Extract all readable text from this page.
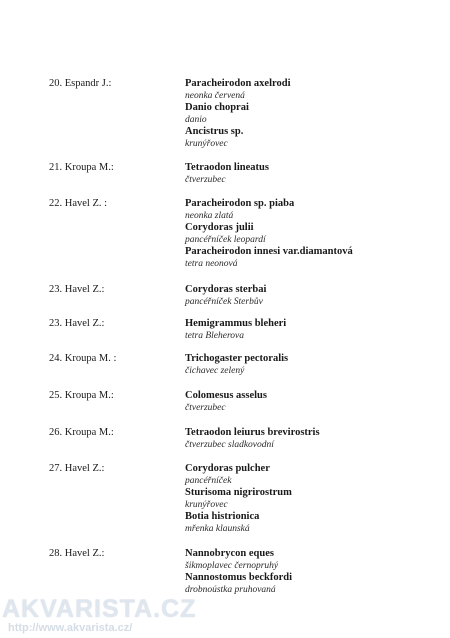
20. Espandr J.:	Paracheirodon axelrodi
neonka červená
Danio choprai
danio
Ancistrus sp.
krunýřovec
21. Kroupa M.:	Tetraodon lineatus
čtverzubec
22. Havel Z. :	Paracheirodon sp. piaba
neonka zlatá
Corydoras julii
pancéřníček leopardí
Paracheirodon innesi var.diamantová
tetra neonová
23. Havel Z.:	Corydoras sterbai
pancéřníček Sterbův
23. Havel Z.:	Hemigrammus bleheri
tetra Bleherova
24. Kroupa M. :	Trichogaster pectoralis
čichavec zelený
25. Kroupa M.:	Colomesus asselus
čtverzubec
26. Kroupa M.:	Tetraodon leiurus brevirostris
čtverzubec sladkovodní
27. Havel Z.:	Corydoras pulcher
pancéřníček
Sturisoma nigrirostrum
krunýřovec
Botia histrionica
mřenka klaunská
28. Havel Z.:	Nannobrycon eques
šikmoplavec černopruhý
Nannostomus beckfordi
drobnoústka pruhovaná
AKVARISTA.CZ
http://www.akvarista.cz/
